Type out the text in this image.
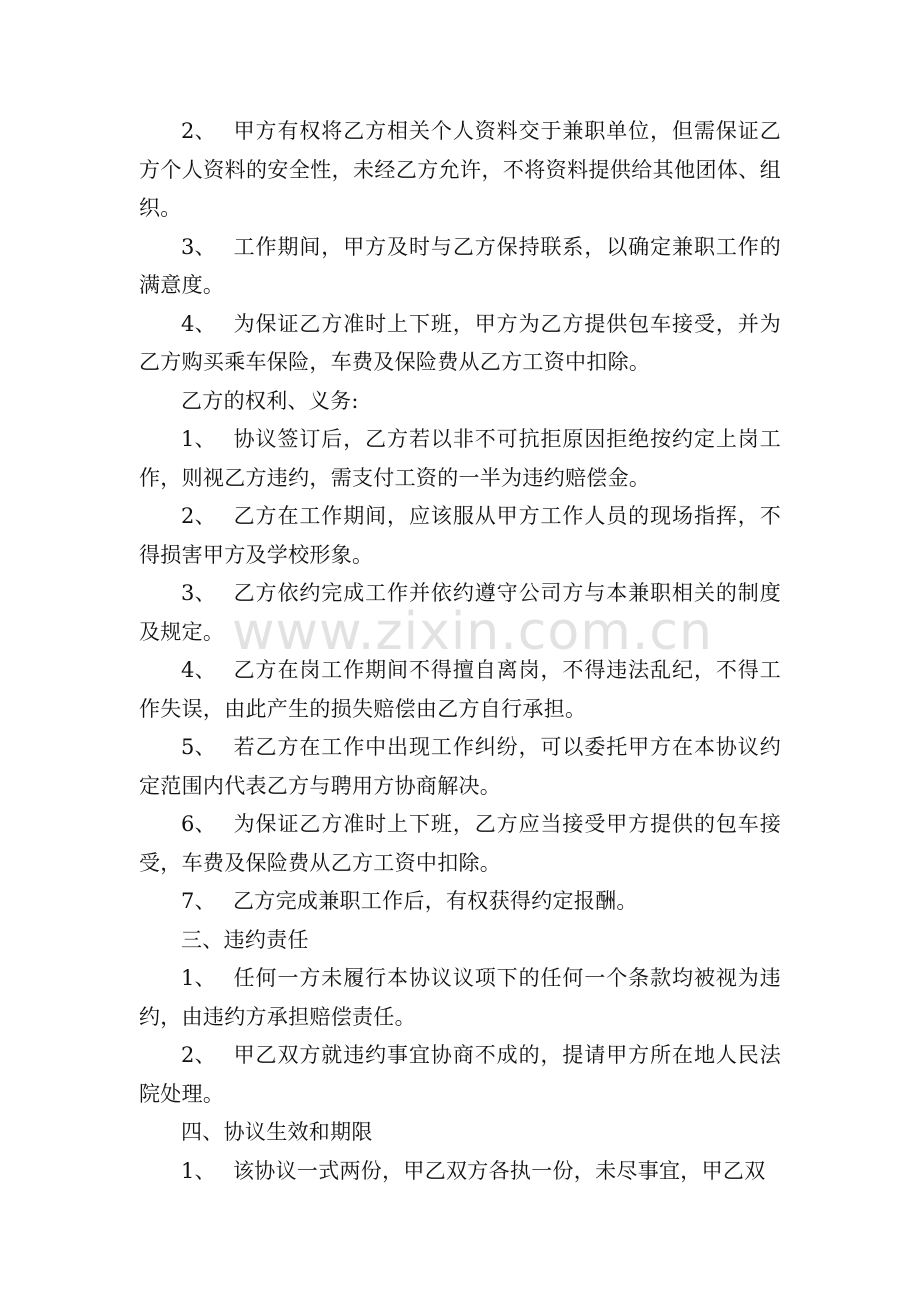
2、 甲方有权将乙方相关个人资料交于兼职单位，但需保证乙方个人资料的安全性，未经乙方允许，不将资料提供给其他团体、组织。

3、 工作期间，甲方及时与乙方保持联系，以确定兼职工作的满意度。

4、 为保证乙方准时上下班，甲方为乙方提供包车接受，并为乙方购买乘车保险，车费及保险费从乙方工资中扣除。

乙方的权利、义务:

1、 协议签订后，乙方若以非不可抗拒原因拒绝按约定上岗工作，则视乙方违约，需支付工资的一半为违约赔偿金。

2、 乙方在工作期间，应该服从甲方工作人员的现场指挥，不得损害甲方及学校形象。

3、 乙方依约完成工作并依约遵守公司方与本兼职相关的制度及规定。

4、 乙方在岗工作期间不得擅自离岗，不得违法乱纪，不得工作失误，由此产生的损失赔偿由乙方自行承担。

5、 若乙方在工作中出现工作纠纷，可以委托甲方在本协议约定范围内代表乙方与聘用方协商解决。

6、 为保证乙方准时上下班，乙方应当接受甲方提供的包车接受，车费及保险费从乙方工资中扣除。

7、 乙方完成兼职工作后，有权获得约定报酬。

三、违约责任

1、 任何一方未履行本协议议项下的任何一个条款均被视为违约，由违约方承担赔偿责任。

2、 甲乙双方就违约事宜协商不成的，提请甲方所在地人民法院处理。

四、协议生效和期限

1、 该协议一式两份，甲乙双方各执一份，未尽事宜，甲乙双

www.zixin.com.cn
